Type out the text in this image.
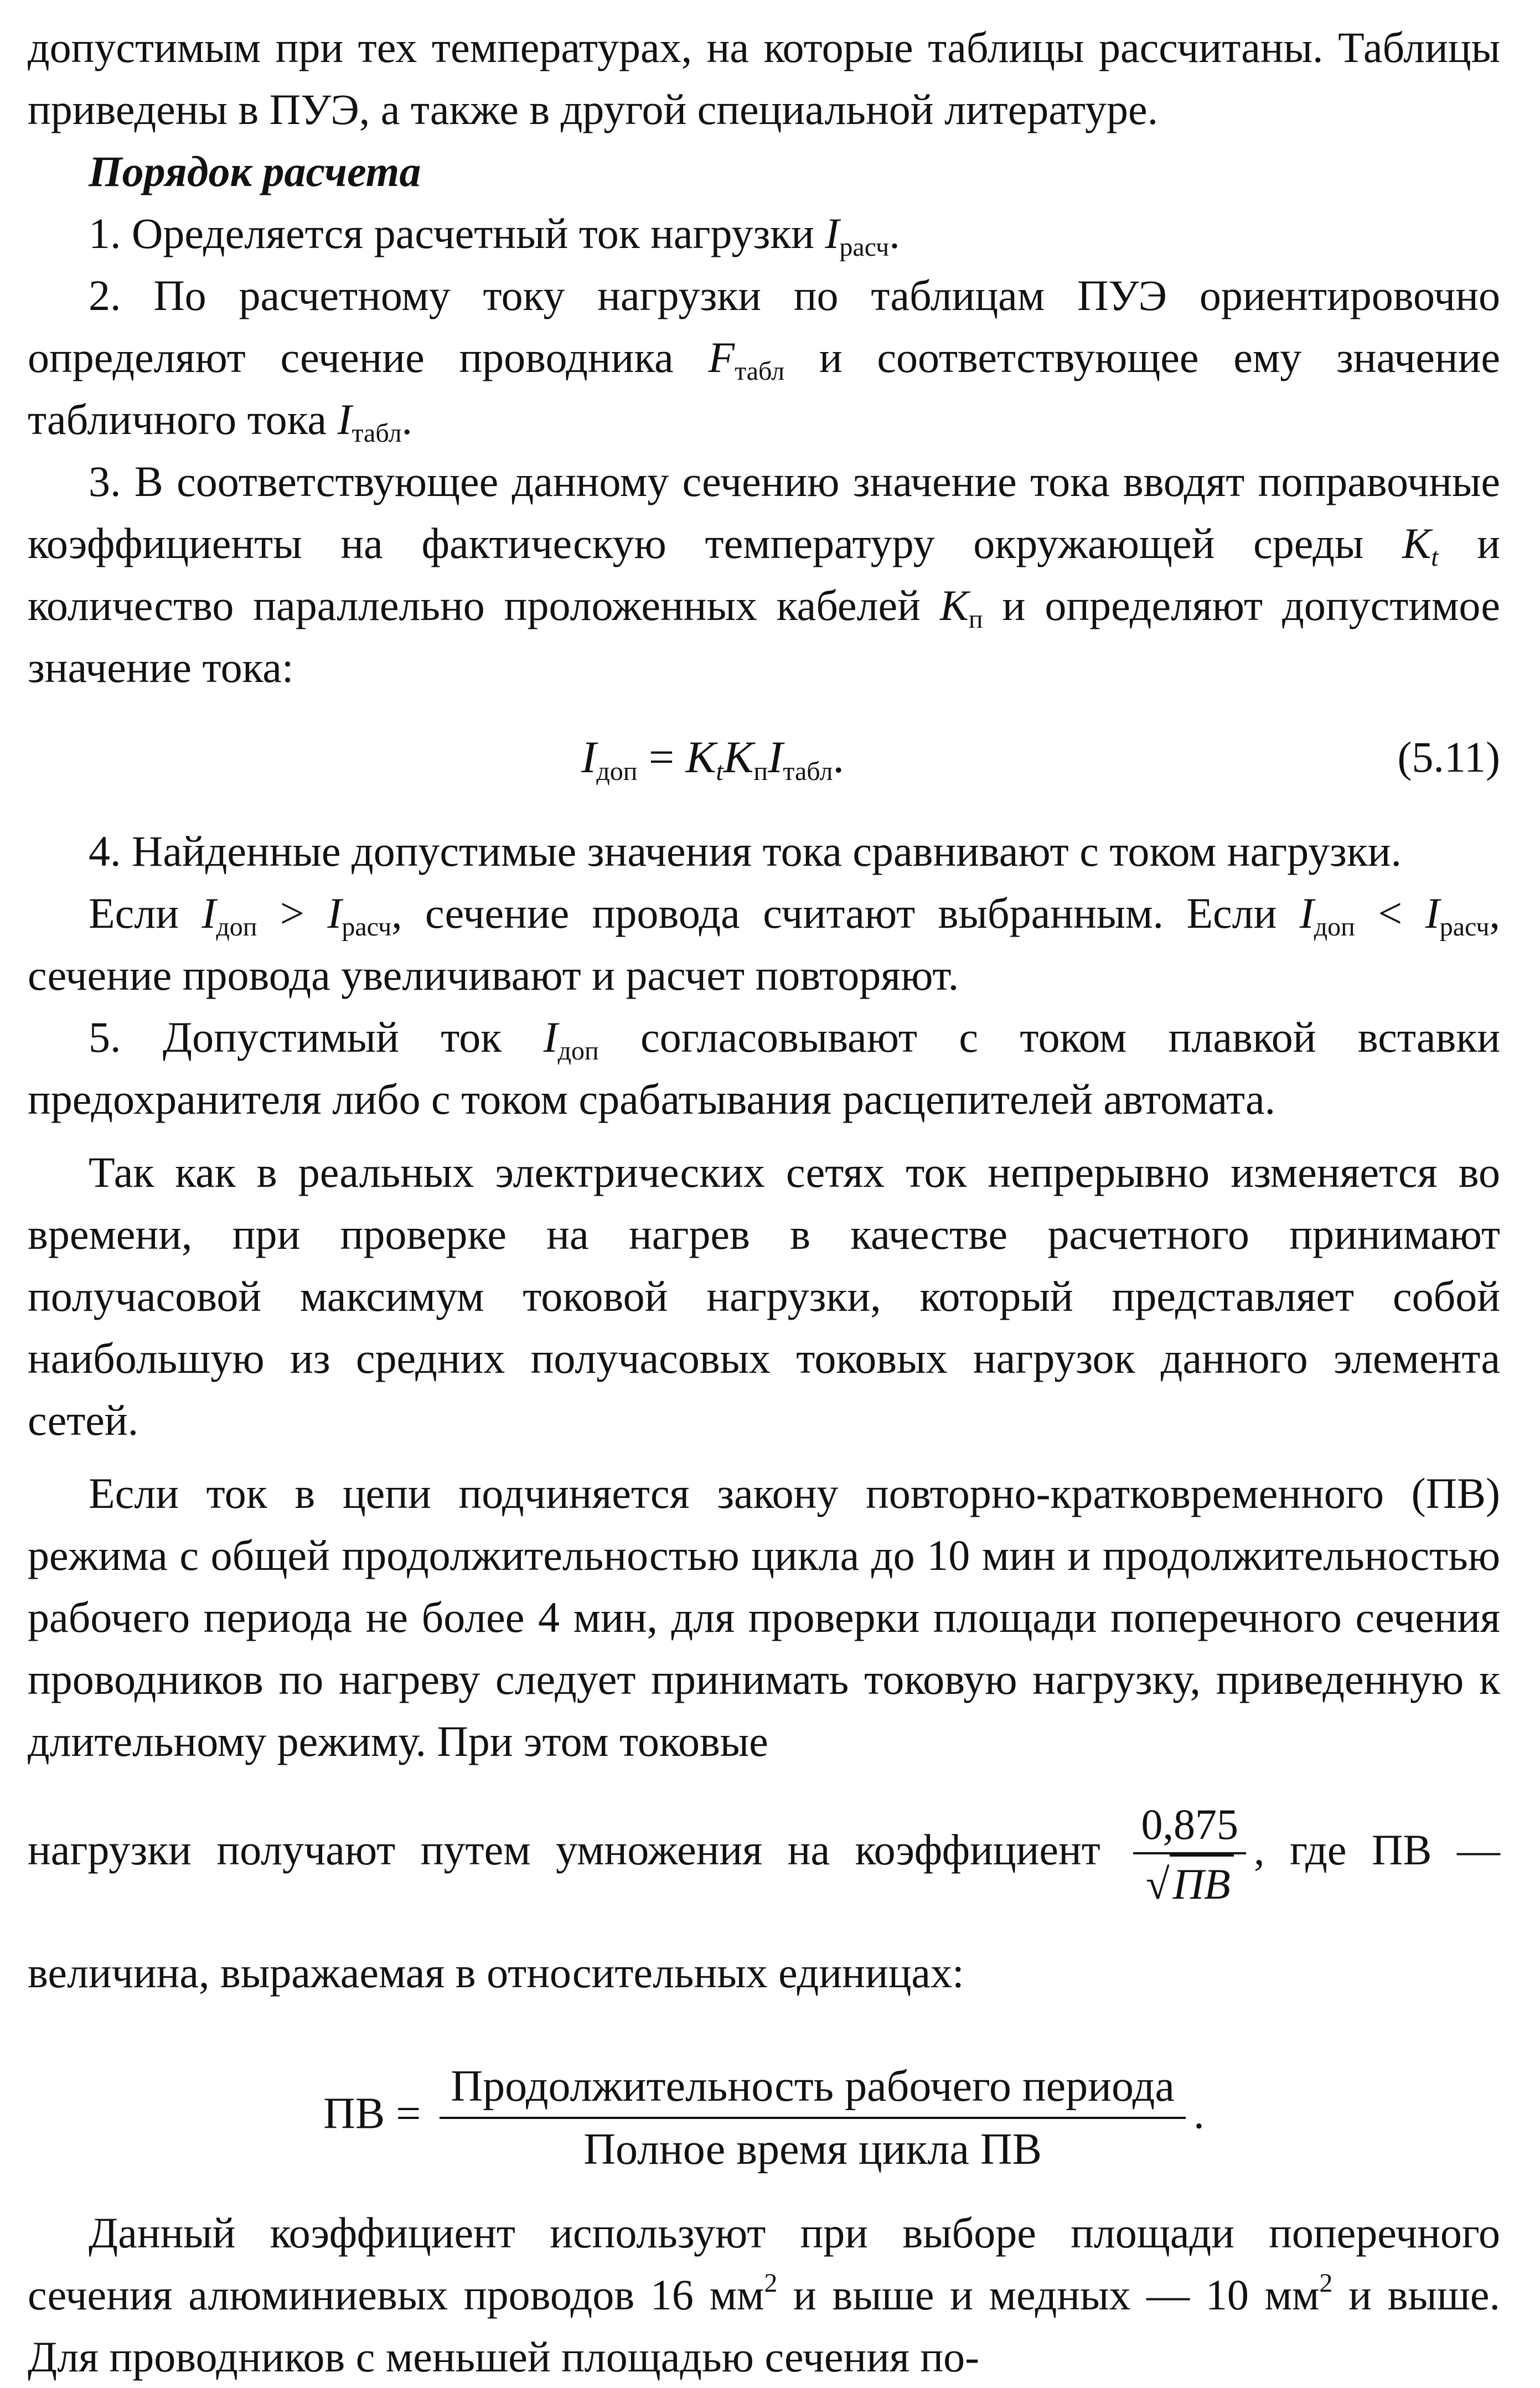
допустимым при тех температурах, на которые таблицы рассчитаны. Таблицы приведены в ПУЭ, а также в другой специальной литературе.

Порядок расчета

1. Оределяется расчетный ток нагрузки $I_{расч}$.

2. По расчетному току нагрузки по таблицам ПУЭ ориентировочно определяют сечение проводника $F_{табл}$ и соответствующее ему значение табличного тока $I_{табл}$.

3. В соответствующее данному сечению значение тока вводят поправочные коэффициенты на фактическую температуру окружающей среды $K_t$ и количество параллельно проложенных кабелей $K_п$ и определяют допустимое значение тока:

$I_{доп} = K_tK_пI_{табл}$.	(5.11)

4. Найденные допустимые значения тока сравнивают с током нагрузки.

Если $I_{доп} > I_{расч}$, сечение провода считают выбранным. Если $I_{доп} < I_{расч}$, сечение провода увеличивают и расчет повторяют.

5. Допустимый ток $I_{доп}$ согласовывают с током плавкой вставки предохранителя либо с током срабатывания расцепителей автомата.

Так как в реальных электрических сетях ток непрерывно изменяется во времени, при проверке на нагрев в качестве расчетного принимают получасовой максимум токовой нагрузки, который представляет собой наибольшую из средних получасовых токовых нагрузок данного элемента сетей.

Если ток в цепи подчиняется закону повторно-кратковременного (ПВ) режима с общей продолжительностью цикла до 10 мин и продолжительностью рабочего периода не более 4 мин, для проверки площади поперечного сечения проводников по нагреву следует принимать токовую нагрузку, приведенную к длительному режиму. При этом токовые

нагрузки получают путем умножения на коэффициент $\frac{0,875}{√ПВ}$ , где ПВ — величина, выражаемая в относительных единицах:

ПВ = $\frac{\text{Продолжительность рабочего периода}}{\text{Полное время цикла ПВ}}$ .

Данный коэффициент используют при выборе площади поперечного сечения алюминиевых проводов 16 $мм^2$ и выше и медных — 10 $мм^2$ и выше. Для проводников с меньшей площадью сечения по-
